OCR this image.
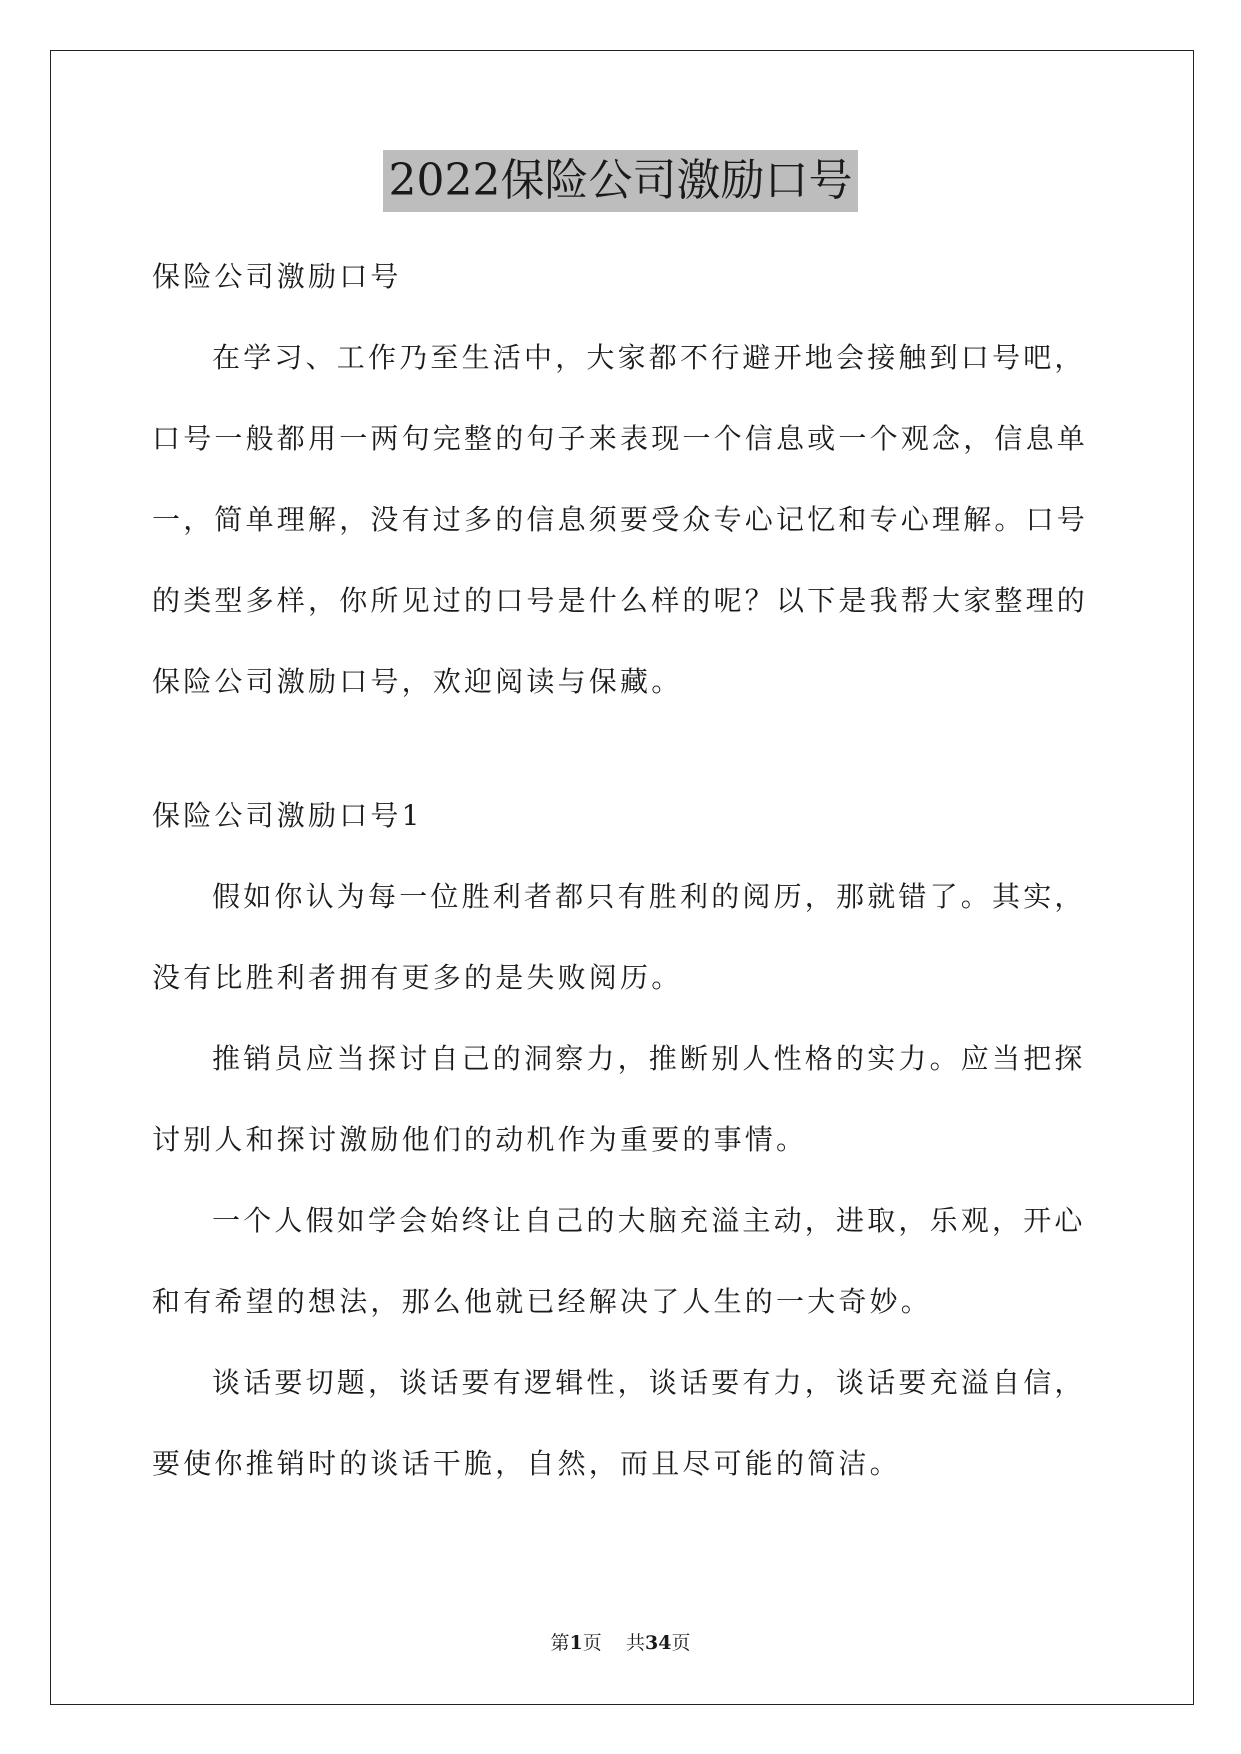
2022保险公司激励口号
保险公司激励口号
在学习、工作乃至生活中，大家都不行避开地会接触到口号吧，
口号一般都用一两句完整的句子来表现一个信息或一个观念，信息单
一，简单理解，没有过多的信息须要受众专心记忆和专心理解。口号
的类型多样，你所见过的口号是什么样的呢？以下是我帮大家整理的
保险公司激励口号，欢迎阅读与保藏。
保险公司激励口号1
假如你认为每一位胜利者都只有胜利的阅历，那就错了。其实，
没有比胜利者拥有更多的是失败阅历。
推销员应当探讨自己的洞察力，推断别人性格的实力。应当把探
讨别人和探讨激励他们的动机作为重要的事情。
一个人假如学会始终让自己的大脑充溢主动，进取，乐观，开心
和有希望的想法，那么他就已经解决了人生的一大奇妙。
谈话要切题，谈话要有逻辑性，谈话要有力，谈话要充溢自信，
要使你推销时的谈话干脆，自然，而且尽可能的简洁。
第1页 共34页
